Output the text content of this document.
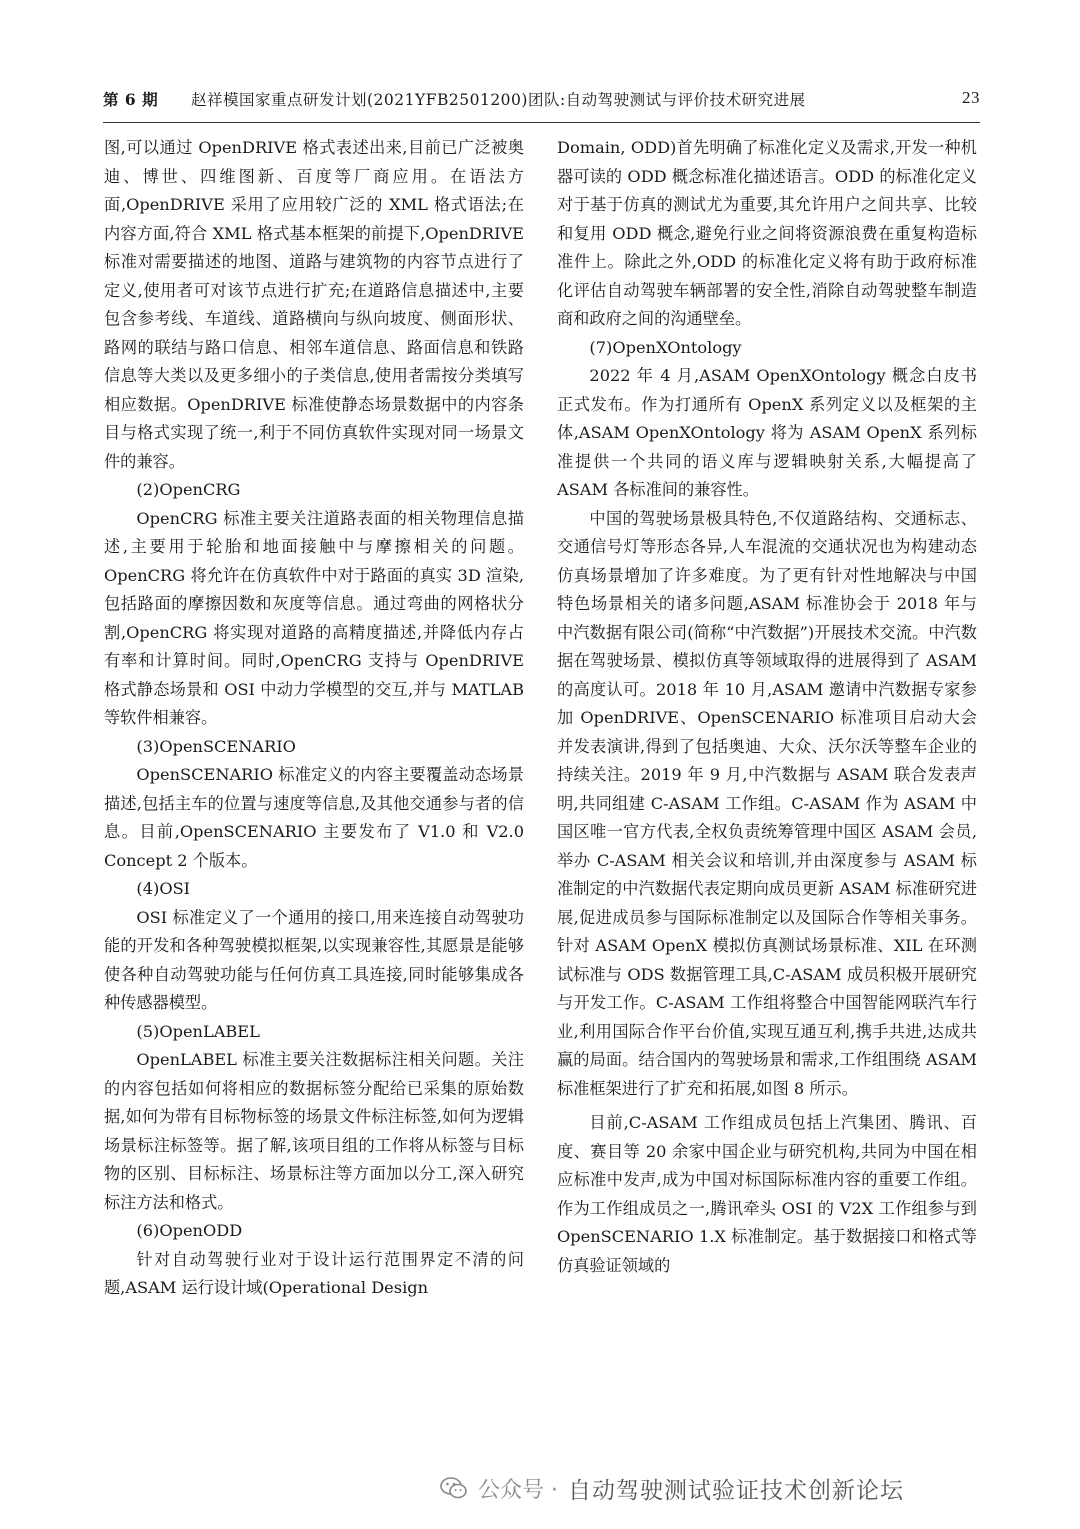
第 6 期 赵祥模国家重点研发计划(2021YFB2501200)团队:自动驾驶测试与评价技术研究进展	23

图,可以通过 OpenDRIVE 格式表述出来,目前已广泛被奥迪、博世、四维图新、百度等厂商应用。在语法方面,OpenDRIVE 采用了应用较广泛的 XML 格式语法;在内容方面,符合 XML 格式基本框架的前提下,OpenDRIVE 标准对需要描述的地图、道路与建筑物的内容节点进行了定义,使用者可对该节点进行扩充;在道路信息描述中,主要包含参考线、车道线、道路横向与纵向坡度、侧面形状、路网的联结与路口信息、相邻车道信息、路面信息和铁路信息等大类以及更多细小的子类信息,使用者需按分类填写相应数据。OpenDRIVE 标准使静态场景数据中的内容条目与格式实现了统一,利于不同仿真软件实现对同一场景文件的兼容。

(2)OpenCRG

OpenCRG 标准主要关注道路表面的相关物理信息描述,主要用于轮胎和地面接触中与摩擦相关的问题。OpenCRG 将允许在仿真软件中对于路面的真实 3D 渲染,包括路面的摩擦因数和灰度等信息。通过弯曲的网格状分割,OpenCRG 将实现对道路的高精度描述,并降低内存占有率和计算时间。同时,OpenCRG 支持与 OpenDRIVE 格式静态场景和 OSI 中动力学模型的交互,并与 MATLAB 等软件相兼容。

(3)OpenSCENARIO

OpenSCENARIO 标准定义的内容主要覆盖动态场景描述,包括主车的位置与速度等信息,及其他交通参与者的信息。目前,OpenSCENARIO 主要发布了 V1.0 和 V2.0 Concept 2 个版本。

(4)OSI

OSI 标准定义了一个通用的接口,用来连接自动驾驶功能的开发和各种驾驶模拟框架,以实现兼容性,其愿景是能够使各种自动驾驶功能与任何仿真工具连接,同时能够集成各种传感器模型。

(5)OpenLABEL

OpenLABEL 标准主要关注数据标注相关问题。关注的内容包括如何将相应的数据标签分配给已采集的原始数据,如何为带有目标物标签的场景文件标注标签,如何为逻辑场景标注标签等。据了解,该项目组的工作将从标签与目标物的区别、目标标注、场景标注等方面加以分工,深入研究标注方法和格式。

(6)OpenODD

针对自动驾驶行业对于设计运行范围界定不清的问题,ASAM 运行设计域(Operational Design

Domain, ODD)首先明确了标准化定义及需求,开发一种机器可读的 ODD 概念标准化描述语言。ODD 的标准化定义对于基于仿真的测试尤为重要,其允许用户之间共享、比较和复用 ODD 概念,避免行业之间将资源浪费在重复构造标准件上。除此之外,ODD 的标准化定义将有助于政府标准化评估自动驾驶车辆部署的安全性,消除自动驾驶整车制造商和政府之间的沟通壁垒。

(7)OpenXOntology

2022 年 4 月,ASAM OpenXOntology 概念白皮书正式发布。作为打通所有 OpenX 系列定义以及框架的主体,ASAM OpenXOntology 将为 ASAM OpenX 系列标准提供一个共同的语义库与逻辑映射关系,大幅提高了 ASAM 各标准间的兼容性。

中国的驾驶场景极具特色,不仅道路结构、交通标志、交通信号灯等形态各异,人车混流的交通状况也为构建动态仿真场景增加了许多难度。为了更有针对性地解决与中国特色场景相关的诸多问题,ASAM 标准协会于 2018 年与中汽数据有限公司(简称“中汽数据”)开展技术交流。中汽数据在驾驶场景、模拟仿真等领域取得的进展得到了 ASAM 的高度认可。2018 年 10 月,ASAM 邀请中汽数据专家参加 OpenDRIVE、OpenSCENARIO 标准项目启动大会并发表演讲,得到了包括奥迪、大众、沃尔沃等整车企业的持续关注。2019 年 9 月,中汽数据与 ASAM 联合发表声明,共同组建 C-ASAM 工作组。C-ASAM 作为 ASAM 中国区唯一官方代表,全权负责统筹管理中国区 ASAM 会员,举办 C-ASAM 相关会议和培训,并由深度参与 ASAM 标准制定的中汽数据代表定期向成员更新 ASAM 标准研究进展,促进成员参与国际标准制定以及国际合作等相关事务。针对 ASAM OpenX 模拟仿真测试场景标准、XIL 在环测试标准与 ODS 数据管理工具,C-ASAM 成员积极开展研究与开发工作。C-ASAM 工作组将整合中国智能网联汽车行业,利用国际合作平台价值,实现互通互利,携手共进,达成共赢的局面。结合国内的驾驶场景和需求,工作组围绕 ASAM 标准框架进行了扩充和拓展,如图 8 所示。

目前,C-ASAM 工作组成员包括上汽集团、腾讯、百度、赛目等 20 余家中国企业与研究机构,共同为中国在相应标准中发声,成为中国对标国际标准内容的重要工作组。作为工作组成员之一,腾讯牵头 OSI 的 V2X 工作组参与到 OpenSCENARIO 1.X 标准制定。基于数据接口和格式等仿真验证领域的

公众号 · 自动驾驶测试验证技术创新论坛
